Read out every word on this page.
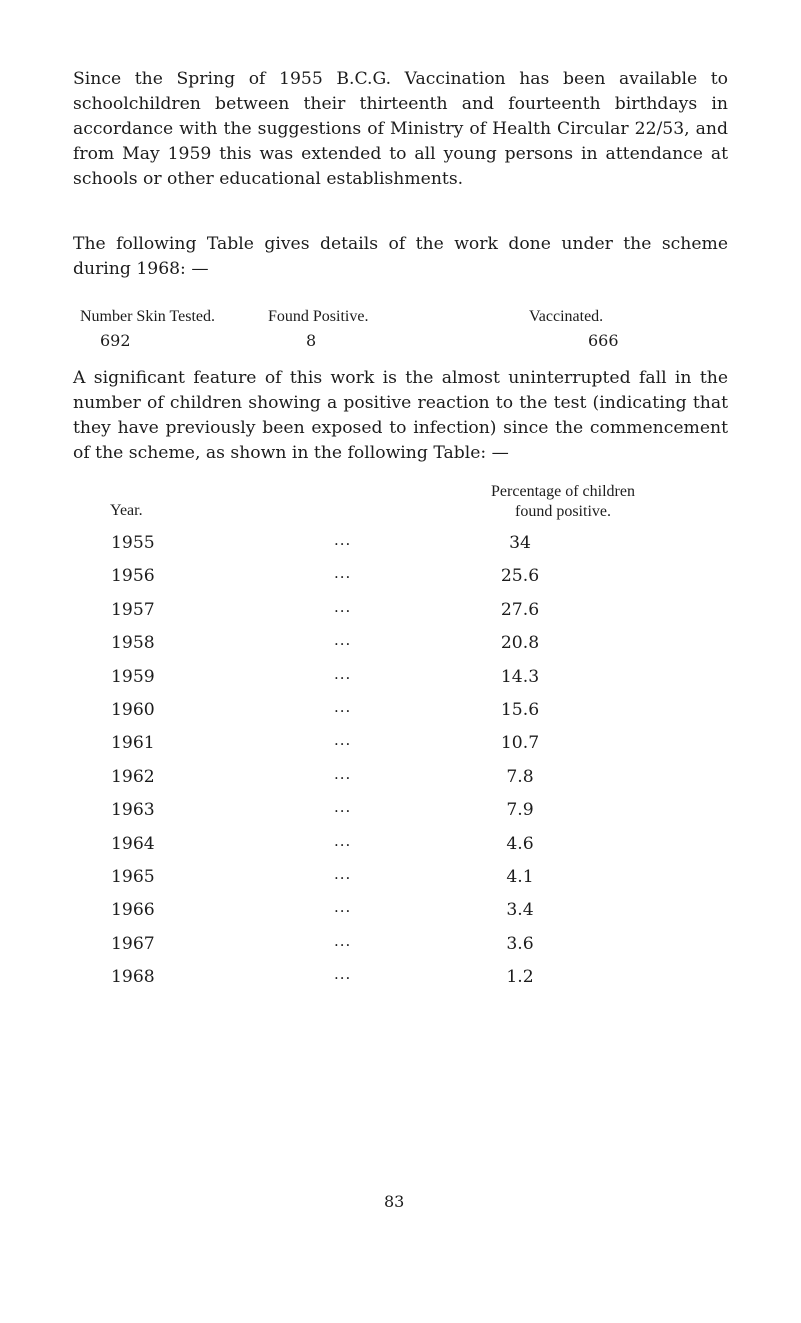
Since the Spring of 1955 B.C.G. Vaccination has been available to schoolchildren between their thirteenth and fourteenth birthdays in accordance with the suggestions of Ministry of Health Circular 22/53, and from May 1959 this was extended to all young persons in attendance at schools or other educational establishments.

The following Table gives details of the work done under the scheme during 1968: —

Number Skin Tested.	Found Positive.	Vaccinated.
692	8	666

A significant feature of this work is the almost uninterrupted fall in the number of children showing a positive reaction to the test (indicating that they have previously been exposed to infection) since the commencement of the scheme, as shown in the following Table: —

Year.
Percentage of children
found positive.
1955	...	34
1956	...	25.6
1957	...	27.6
1958	...	20.8
1959	...	14.3
1960	...	15.6
1961	...	10.7
1962	...	7.8
1963	...	7.9
1964	...	4.6
1965	...	4.1
1966	...	3.4
1967	...	3.6
1968	...	1.2
83
